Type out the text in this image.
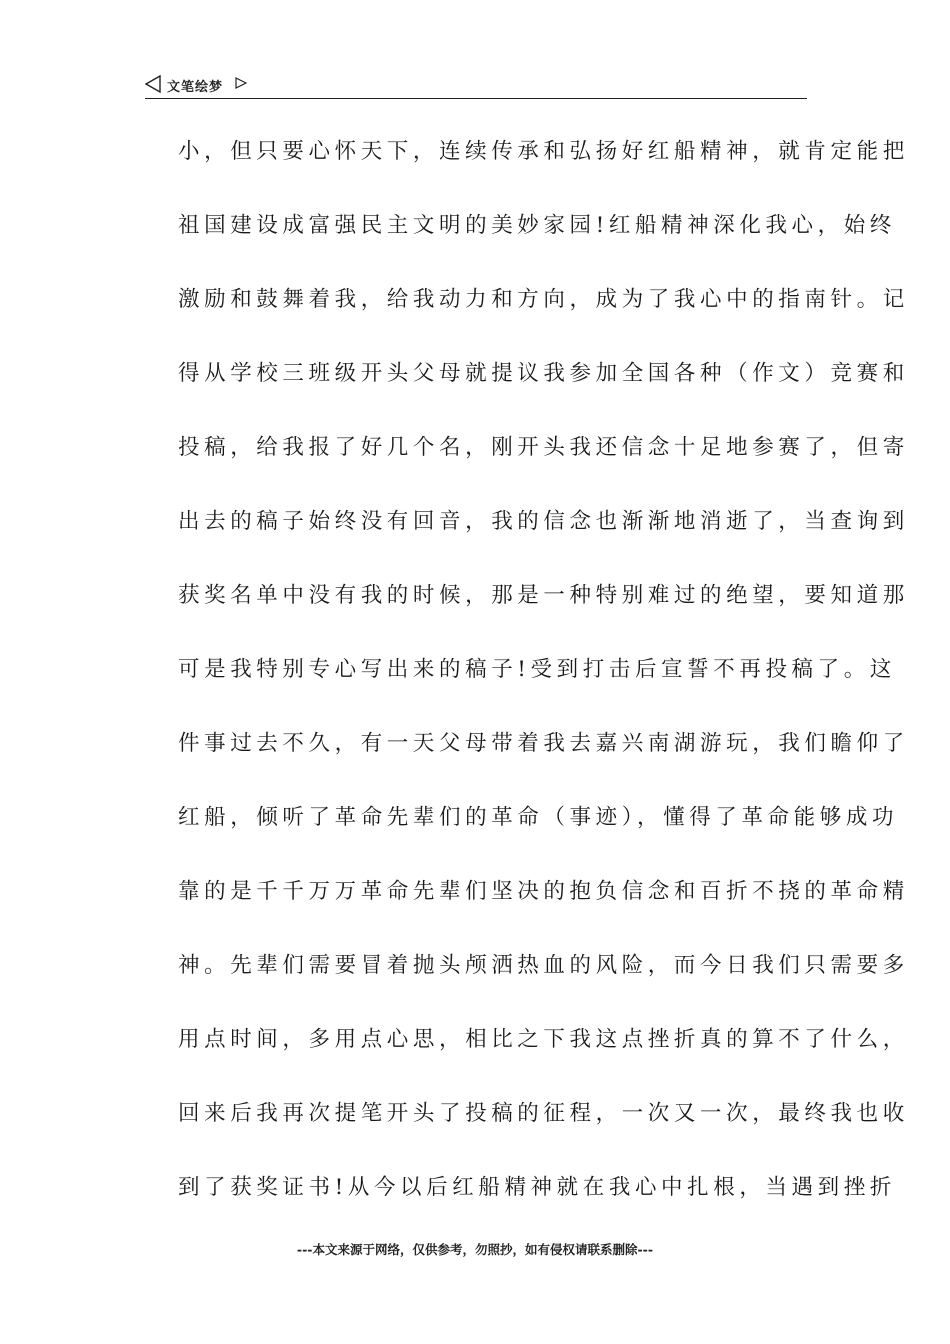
文笔绘梦
小，但只要心怀天下，连续传承和弘扬好红船精神，就肯定能把
祖国建设成富强民主文明的美妙家园!红船精神深化我心，始终
激励和鼓舞着我，给我动力和方向，成为了我心中的指南针。记
得从学校三班级开头父母就提议我参加全国各种（作文）竞赛和
投稿，给我报了好几个名，刚开头我还信念十足地参赛了，但寄
出去的稿子始终没有回音，我的信念也渐渐地消逝了，当查询到
获奖名单中没有我的时候，那是一种特别难过的绝望，要知道那
可是我特别专心写出来的稿子!受到打击后宣誓不再投稿了。这
件事过去不久，有一天父母带着我去嘉兴南湖游玩，我们瞻仰了
红船，倾听了革命先辈们的革命（事迹），懂得了革命能够成功
靠的是千千万万革命先辈们坚决的抱负信念和百折不挠的革命精
神。先辈们需要冒着抛头颅洒热血的风险，而今日我们只需要多
用点时间，多用点心思，相比之下我这点挫折真的算不了什么，
回来后我再次提笔开头了投稿的征程，一次又一次，最终我也收
到了获奖证书!从今以后红船精神就在我心中扎根，当遇到挫折
---本文来源于网络，仅供参考，勿照抄，如有侵权请联系删除---
